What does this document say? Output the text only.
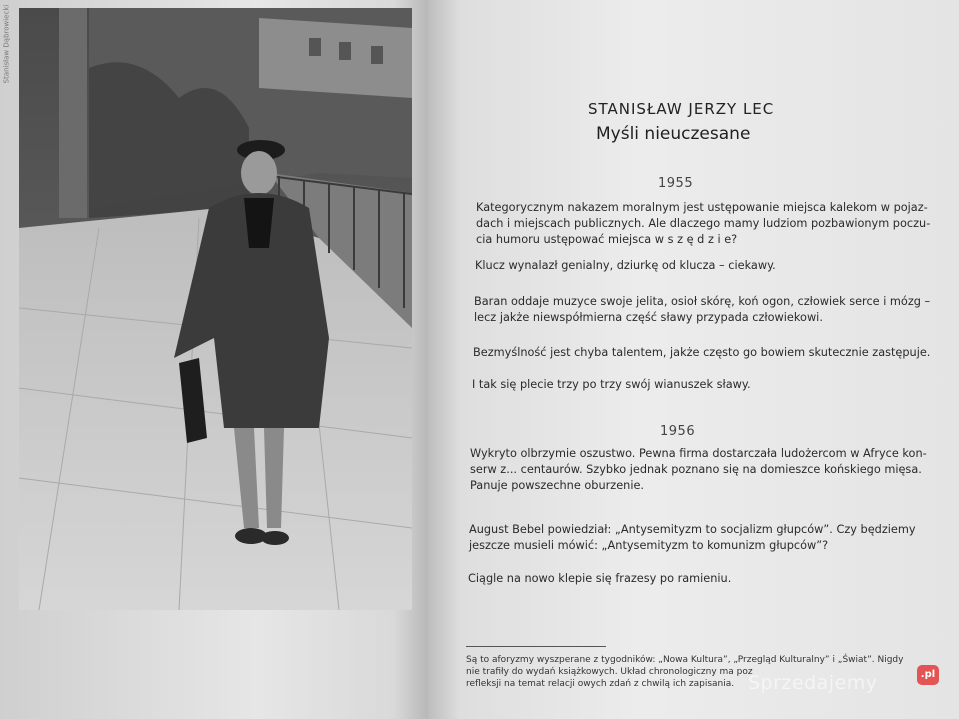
Stanisław Dąbrowiecki
STANISŁAW JERZY LEC
Myśli nieuczesane
1955
Kategorycznym nakazem moralnym jest ustępowanie miejsca kalekom w pojaz-
dach i miejscach publicznych. Ale dlaczego mamy ludziom pozbawionym poczu-
cia humoru ustępować miejsca w s z ę d z i e?
Klucz wynalazł genialny, dziurkę od klucza – ciekawy.
Baran oddaje muzyce swoje jelita, osioł skórę, koń ogon, człowiek serce i mózg –
lecz jakże niewspółmierna część sławy przypada człowiekowi.
Bezmyślność jest chyba talentem, jakże często go bowiem skutecznie zastępuje.
I tak się plecie trzy po trzy swój wianuszek sławy.
1956
Wykryto olbrzymie oszustwo. Pewna firma dostarczała ludożercom w Afryce kon-
serw z... centaurów. Szybko jednak poznano się na domieszce końskiego mięsa.
Panuje powszechne oburzenie.
August Bebel powiedział: „Antysemityzm to socjalizm głupców”. Czy będziemy
jeszcze musieli mówić: „Antysemityzm to komunizm głupców”?
Ciągle na nowo klepie się frazesy po ramieniu.
Są to aforyzmy wyszperane z tygodników: „Nowa Kultura”, „Przegląd Kulturalny” i „Świat”. Nigdy
nie trafiły do wydań książkowych. Układ chronologiczny ma poz
refleksji na temat relacji owych zdań z chwilą ich zapisania. Sprzedajemy	.pl
